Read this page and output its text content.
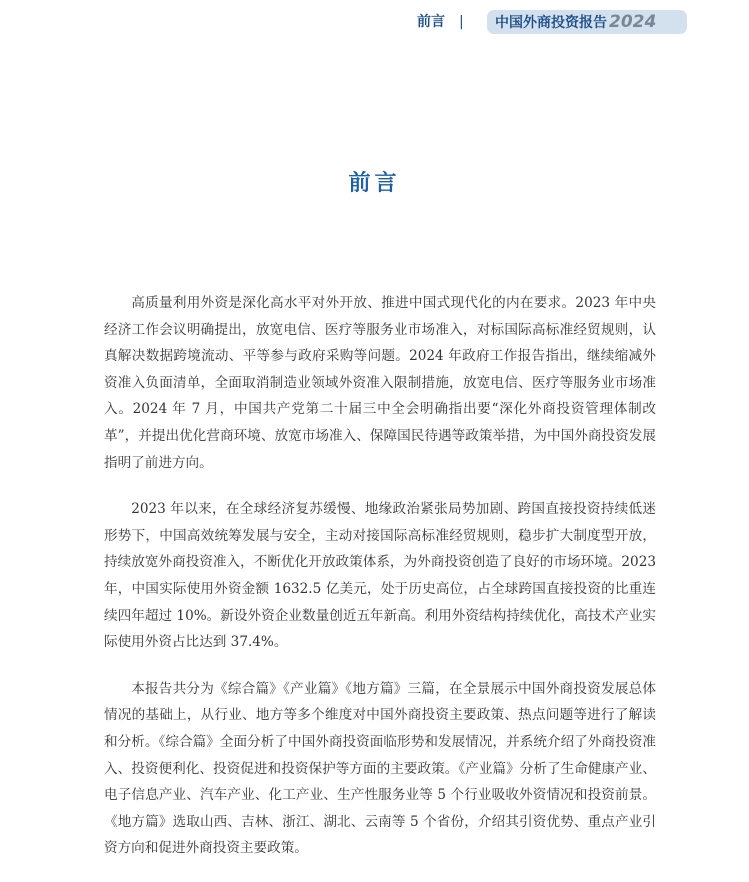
前言 | 中国外商投资报告 2024
前言

高质量利用外资是深化高水平对外开放、推进中国式现代化的内在要求。2023 年中央经济工作会议明确提出，放宽电信、医疗等服务业市场准入，对标国际高标准经贸规则，认真解决数据跨境流动、平等参与政府采购等问题。2024 年政府工作报告指出，继续缩减外资准入负面清单，全面取消制造业领域外资准入限制措施，放宽电信、医疗等服务业市场准入。2024 年 7 月，中国共产党第二十届三中全会明确指出要“深化外商投资管理体制改革”，并提出优化营商环境、放宽市场准入、保障国民待遇等政策举措，为中国外商投资发展指明了前进方向。

2023 年以来，在全球经济复苏缓慢、地缘政治紧张局势加剧、跨国直接投资持续低迷形势下，中国高效统筹发展与安全，主动对接国际高标准经贸规则，稳步扩大制度型开放，持续放宽外商投资准入，不断优化开放政策体系，为外商投资创造了良好的市场环境。2023 年，中国实际使用外资金额 1632.5 亿美元，处于历史高位，占全球跨国直接投资的比重连续四年超过 10%。新设外资企业数量创近五年新高。利用外资结构持续优化，高技术产业实际使用外资占比达到 37.4%。

本报告共分为《综合篇》《产业篇》《地方篇》三篇，在全景展示中国外商投资发展总体情况的基础上，从行业、地方等多个维度对中国外商投资主要政策、热点问题等进行了解读和分析。《综合篇》全面分析了中国外商投资面临形势和发展情况，并系统介绍了外商投资准入、投资便利化、投资促进和投资保护等方面的主要政策。《产业篇》分析了生命健康产业、电子信息产业、汽车产业、化工产业、生产性服务业等 5 个行业吸收外资情况和投资前景。《地方篇》选取山西、吉林、浙江、湖北、云南等 5 个省份，介绍其引资优势、重点产业引资方向和促进外商投资主要政策。
